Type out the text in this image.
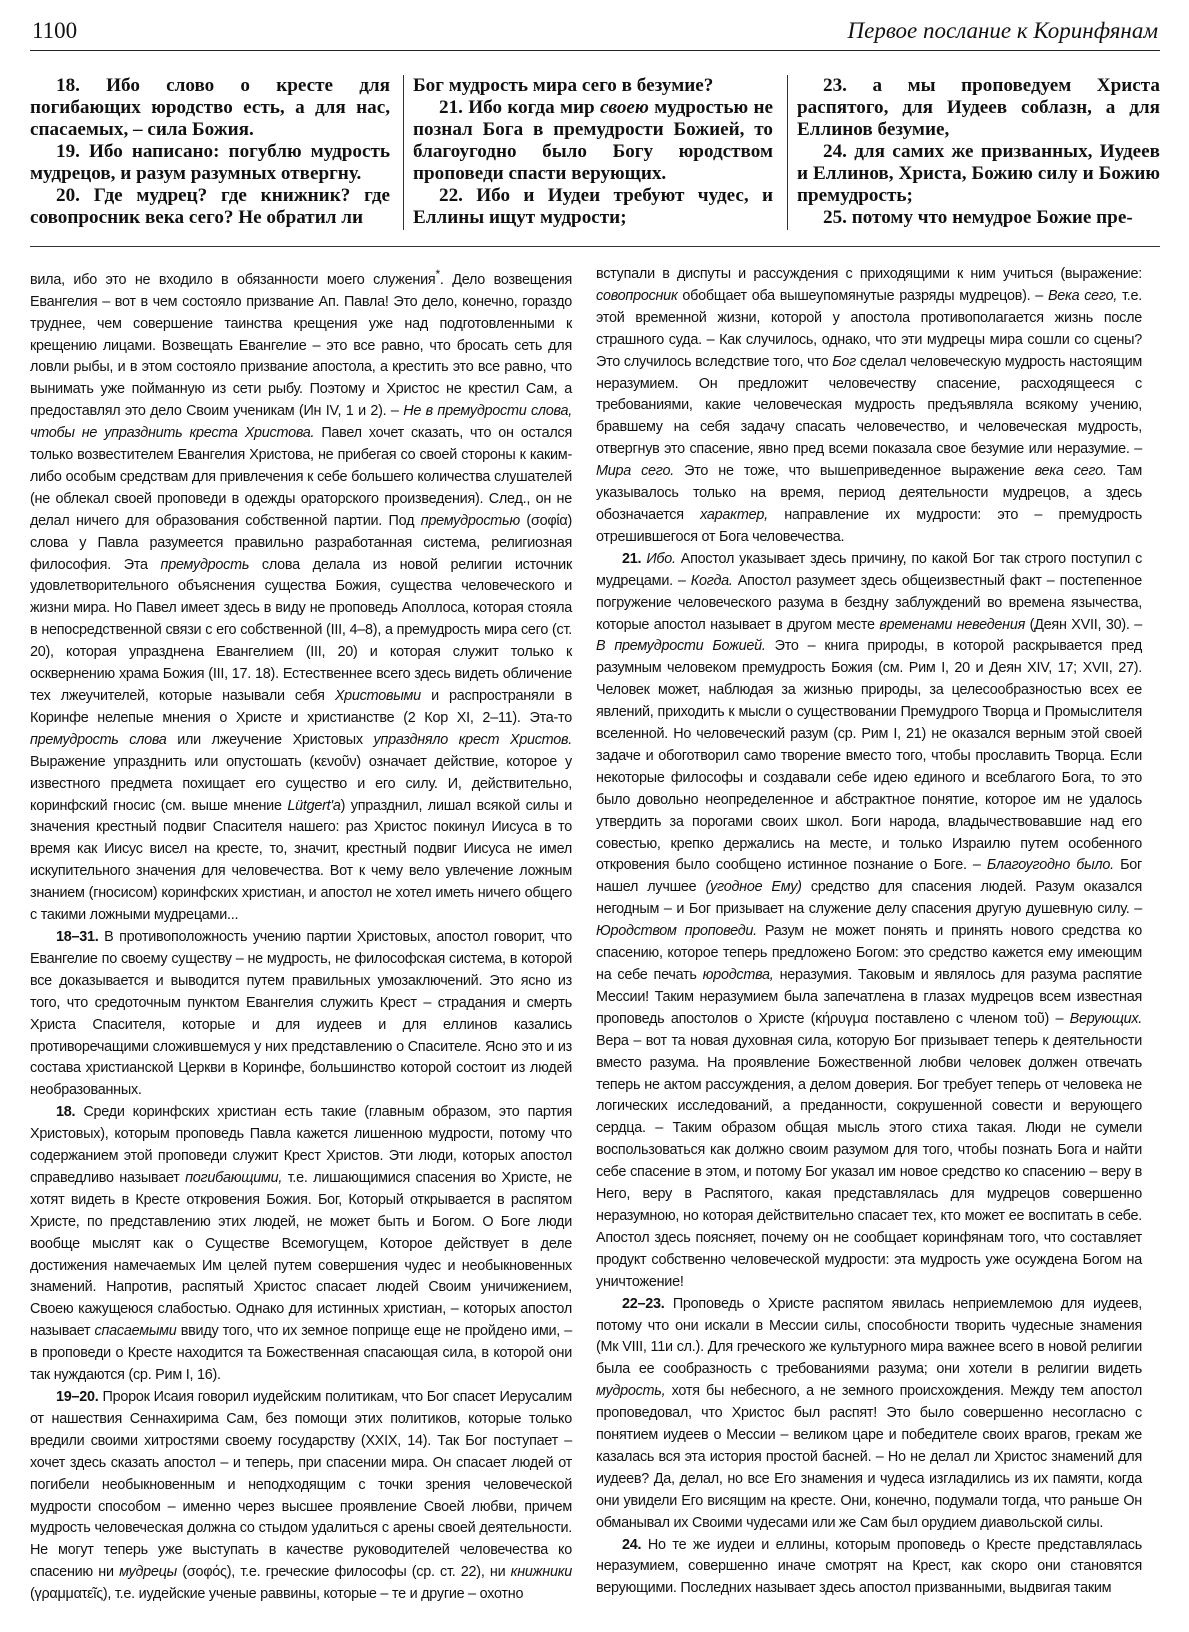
1100	Первое послание к Коринфянам

18. Ибо слово о кресте для погибающих юродство есть, а для нас, спасаемых, – сила Божия.

19. Ибо написано: погублю мудрость мудрецов, и разум разумных отвергну.

20. Где мудрец? где книжник? где совопросник века сего? Не обратил ли

Бог мудрость мира сего в безумие?

21. Ибо когда мир своею мудростью не познал Бога в премудрости Божией, то благоугодно было Богу юродством проповеди спасти верующих.

22. Ибо и Иудеи требуют чудес, и Еллины ищут мудрости;

23. а мы проповедуем Христа распятого, для Иудеев соблазн, а для Еллинов безумие,

24. для самих же призванных, Иудеев и Еллинов, Христа, Божию силу и Божию премудрость;

25. потому что немудрое Божие пре-

вила, ибо это не входило в обязанности моего служения*. Дело возвещения Евангелия – вот в чем состояло призвание Ап. Павла! Это дело, конечно, гораздо труднее, чем совершение таинства крещения уже над подготовленными к крещению лицами. Возвещать Евангелие – это все равно, что бросать сеть для ловли рыбы, и в этом состояло призвание апостола, а крестить это все равно, что вынимать уже пойманную из сети рыбу. Поэтому и Христос не крестил Сам, а предоставлял это дело Своим ученикам (Ин IV, 1 и 2). – Не в премудрости слова, чтобы не упразднить креста Христова. Павел хочет сказать, что он остался только возвестителем Евангелия Христова, не прибегая со своей стороны к каким-либо особым средствам для привлечения к себе большего количества слушателей (не облекал своей проповеди в одежды ораторского произведения). След., он не делал ничего для образования собственной партии. Под премудростью (σοφία) слова у Павла разумеется правильно разработанная система, религиозная философия. Эта премудрость слова делала из новой религии источник удовлетворительного объяснения существа Божия, существа человеческого и жизни мира. Но Павел имеет здесь в виду не проповедь Аполлоса, которая стояла в непосредственной связи с его собственной (III, 4–8), а премудрость мира сего (ст. 20), которая упразднена Евангелием (III, 20) и которая служит только к осквернению храма Божия (III, 17. 18). Естественнее всего здесь видеть обличение тех лжеучителей, которые называли себя Христовыми и распространяли в Коринфе нелепые мнения о Христе и христианстве (2 Кор XI, 2–11). Эта-то премудрость слова или лжеучение Христовых упраздняло крест Христов. Выражение упразднить или опустошать (κενοῦν) означает действие, которое у известного предмета похищает его существо и его силу. И, действительно, коринфский гносис (см. выше мнение Lütgert'a) упразднил, лишал всякой силы и значения крестный подвиг Спасителя нашего: раз Христос покинул Иисуса в то время как Иисус висел на кресте, то, значит, крестный подвиг Иисуса не имел искупительного значения для человечества. Вот к чему вело увлечение ложным знанием (гносисом) коринфских христиан, и апостол не хотел иметь ничего общего с такими ложными мудрецами...

18–31. В противоположность учению партии Христовых, апостол говорит, что Евангелие по своему существу – не мудрость, не философская система, в которой все доказывается и выводится путем правильных умозаключений. Это ясно из того, что средоточным пунктом Евангелия служить Крест – страдания и смерть Христа Спасителя, которые и для иудеев и для еллинов казались противоречащими сложившемуся у них представлению о Спасителе. Ясно это и из состава христианской Церкви в Коринфе, большинство которой состоит из людей необразованных.

18. Среди коринфских христиан есть такие (главным образом, это партия Христовых), которым проповедь Павла кажется лишенною мудрости, потому что содержанием этой проповеди служит Крест Христов. Эти люди, которых апостол справедливо называет погибающими, т.е. лишающимися спасения во Христе, не хотят видеть в Кресте откровения Божия. Бог, Который открывается в распятом Христе, по представлению этих людей, не может быть и Богом. О Боге люди вообще мыслят как о Существе Всемогущем, Которое действует в деле достижения намечаемых Им целей путем совершения чудес и необыкновенных знамений. Напротив, распятый Христос спасает людей Своим уничижением, Своею кажущеюся слабостью. Однако для истинных христиан, – которых апостол называет спасаемыми ввиду того, что их земное поприще еще не пройдено ими, – в проповеди о Кресте находится та Божественная спасающая сила, в которой они так нуждаются (ср. Рим I, 16).

19–20. Пророк Исаия говорил иудейским политикам, что Бог спасет Иерусалим от нашествия Сеннахирима Сам, без помощи этих политиков, которые только вредили своими хитростями своему государству (XXIX, 14). Так Бог поступает – хочет здесь сказать апостол – и теперь, при спасении мира. Он спасает людей от погибели необыкновенным и неподходящим с точки зрения человеческой мудрости способом – именно через высшее проявление Своей любви, причем мудрость человеческая должна со стыдом удалиться с арены своей деятельности. Не могут теперь уже выступать в качестве руководителей человечества ко спасению ни мудрецы (σοφός), т.е. греческие философы (ср. ст. 22), ни книжники (γραμματεῖς), т.е. иудейские ученые раввины, которые – те и другие – охотно

вступали в диспуты и рассуждения с приходящими к ним учиться (выражение: совопросник обобщает оба вышеупомянутые разряды мудрецов). – Века сего, т.е. этой временной жизни, которой у апостола противополагается жизнь после страшного суда. – Как случилось, однако, что эти мудрецы мира сошли со сцены? Это случилось вследствие того, что Бог сделал человеческую мудрость настоящим неразумием. Он предложит человечеству спасение, расходящееся с требованиями, какие человеческая мудрость предъявляла всякому учению, бравшему на себя задачу спасать человечество, и человеческая мудрость, отвергнув это спасение, явно пред всеми показала свое безумие или неразумие. – Мира сего. Это не тоже, что вышеприведенное выражение века сего. Там указывалось только на время, период деятельности мудрецов, а здесь обозначается характер, направление их мудрости: это – премудрость отрешившегося от Бога человечества.

21. Ибо. Апостол указывает здесь причину, по какой Бог так строго поступил с мудрецами. – Когда. Апостол разумеет здесь общеизвестный факт – постепенное погружение человеческого разума в бездну заблуждений во времена язычества, которые апостол называет в другом месте временами неведения (Деян XVII, 30). – В премудрости Божией. Это – книга природы, в которой раскрывается пред разумным человеком премудрость Божия (см. Рим I, 20 и Деян XIV, 17; XVII, 27). Человек может, наблюдая за жизнью природы, за целесообразностью всех ее явлений, приходить к мысли о существовании Премудрого Творца и Промыслителя вселенной. Но человеческий разум (ср. Рим I, 21) не оказался верным этой своей задаче и обоготворил само творение вместо того, чтобы прославить Творца. Если некоторые философы и создавали себе идею единого и всеблагого Бога, то это было довольно неопределенное и абстрактное понятие, которое им не удалось утвердить за порогами своих школ. Боги народа, владычествовавшие над его совестью, крепко держались на месте, и только Израилю путем особенного откровения было сообщено истинное познание о Боге. – Благоугодно было. Бог нашел лучшее (угодное Ему) средство для спасения людей. Разум оказался негодным – и Бог призывает на служение делу спасения другую душевную силу. – Юродством проповеди. Разум не может понять и принять нового средства ко спасению, которое теперь предложено Богом: это средство кажется ему имеющим на себе печать юродства, неразумия. Таковым и являлось для разума распятие Мессии! Таким неразумием была запечатлена в глазах мудрецов всем известная проповедь апостолов о Христе (κήρυγμα поставлено с членом τοῦ) – Верующих. Вера – вот та новая духовная сила, которую Бог призывает теперь к деятельности вместо разума. На проявление Божественной любви человек должен отвечать теперь не актом рассуждения, а делом доверия. Бог требует теперь от человека не логических исследований, а преданности, сокрушенной совести и верующего сердца. – Таким образом общая мысль этого стиха такая. Люди не сумели воспользоваться как должно своим разумом для того, чтобы познать Бога и найти себе спасение в этом, и потому Бог указал им новое средство ко спасению – веру в Него, веру в Распятого, какая представлялась для мудрецов совершенно неразумною, но которая действительно спасает тех, кто может ее воспитать в себе. Апостол здесь поясняет, почему он не сообщает коринфянам того, что составляет продукт собственно человеческой мудрости: эта мудрость уже осуждена Богом на уничтожение!

22–23. Проповедь о Христе распятом явилась неприемлемою для иудеев, потому что они искали в Мессии силы, способности творить чудесные знамения (Мк VIII, 11и сл.). Для греческого же культурного мира важнее всего в новой религии была ее сообразность с требованиями разума; они хотели в религии видеть мудрость, хотя бы небесного, а не земного происхождения. Между тем апостол проповедовал, что Христос был распят! Это было совершенно несогласно с понятием иудеев о Мессии – великом царе и победителе своих врагов, грекам же казалась вся эта история простой басней. – Но не делал ли Христос знамений для иудеев? Да, делал, но все Его знамения и чудеса изгладились из их памяти, когда они увидели Его висящим на кресте. Они, конечно, подумали тогда, что раньше Он обманывал их Своими чудесами или же Сам был орудием диавольской силы.

24. Но те же иудеи и еллины, которым проповедь о Кресте представлялась неразумием, совершенно иначе смотрят на Крест, как скоро они становятся верующими. Последних называет здесь апостол призванными, выдвигая таким
